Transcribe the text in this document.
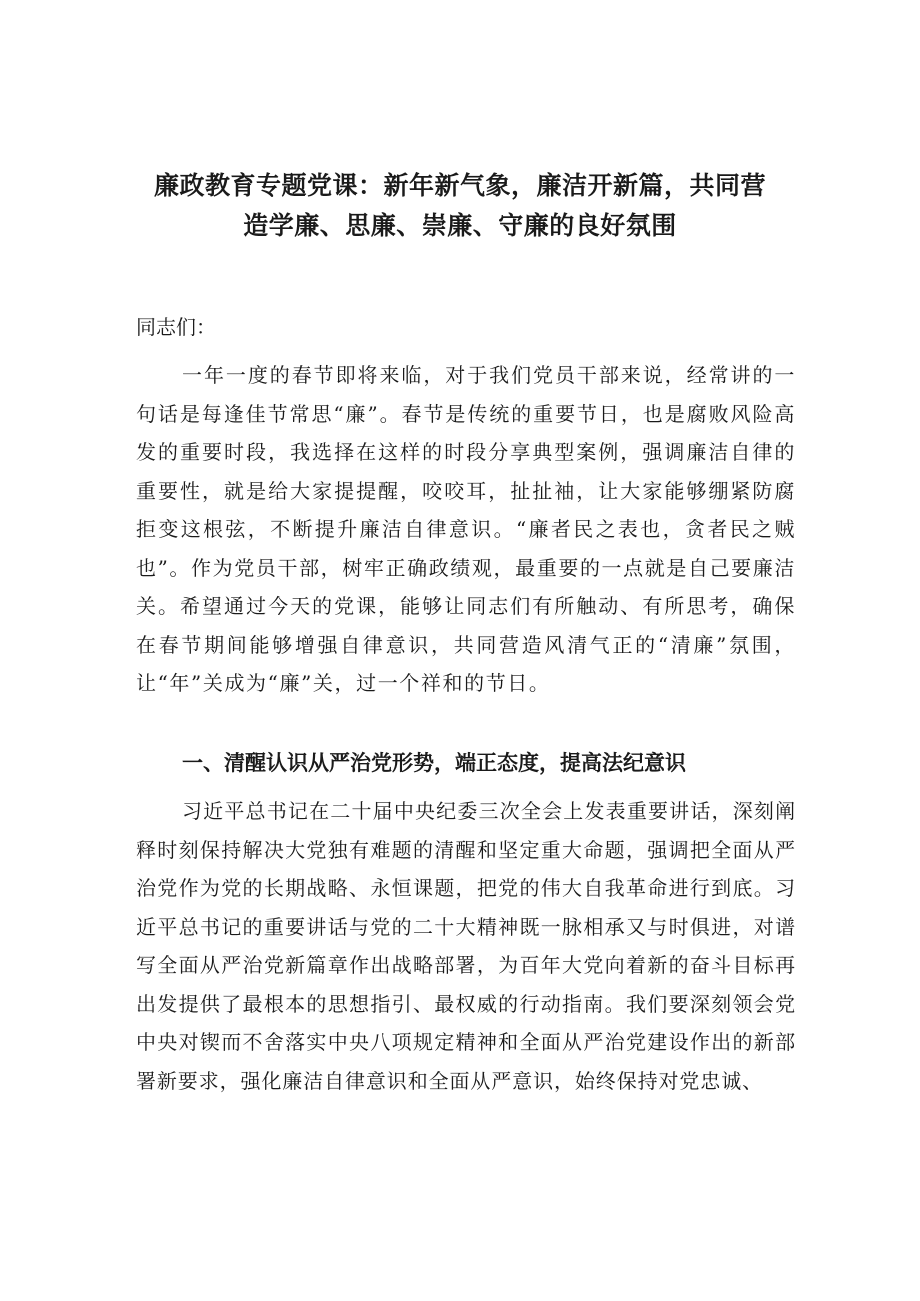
廉政教育专题党课：新年新气象，廉洁开新篇，共同营
造学廉、思廉、崇廉、守廉的良好氛围

同志们：

一年一度的春节即将来临，对于我们党员干部来说，经常讲的一句话是每逢佳节常思“廉”。春节是传统的重要节日，也是腐败风险高发的重要时段，我选择在这样的时段分享典型案例，强调廉洁自律的重要性，就是给大家提提醒，咬咬耳，扯扯袖，让大家能够绷紧防腐拒变这根弦，不断提升廉洁自律意识。“廉者民之表也，贪者民之贼也”。作为党员干部，树牢正确政绩观，最重要的一点就是自己要廉洁关。希望通过今天的党课，能够让同志们有所触动、有所思考，确保在春节期间能够增强自律意识，共同营造风清气正的“清廉”氛围，让“年”关成为“廉”关，过一个祥和的节日。

一、清醒认识从严治党形势，端正态度，提高法纪意识

习近平总书记在二十届中央纪委三次全会上发表重要讲话，深刻阐释时刻保持解决大党独有难题的清醒和坚定重大命题，强调把全面从严治党作为党的长期战略、永恒课题，把党的伟大自我革命进行到底。习近平总书记的重要讲话与党的二十大精神既一脉相承又与时俱进，对谱写全面从严治党新篇章作出战略部署，为百年大党向着新的奋斗目标再出发提供了最根本的思想指引、最权威的行动指南。我们要深刻领会党中央对锲而不舍落实中央八项规定精神和全面从严治党建设作出的新部署新要求，强化廉洁自律意识和全面从严意识，始终保持对党忠诚、
